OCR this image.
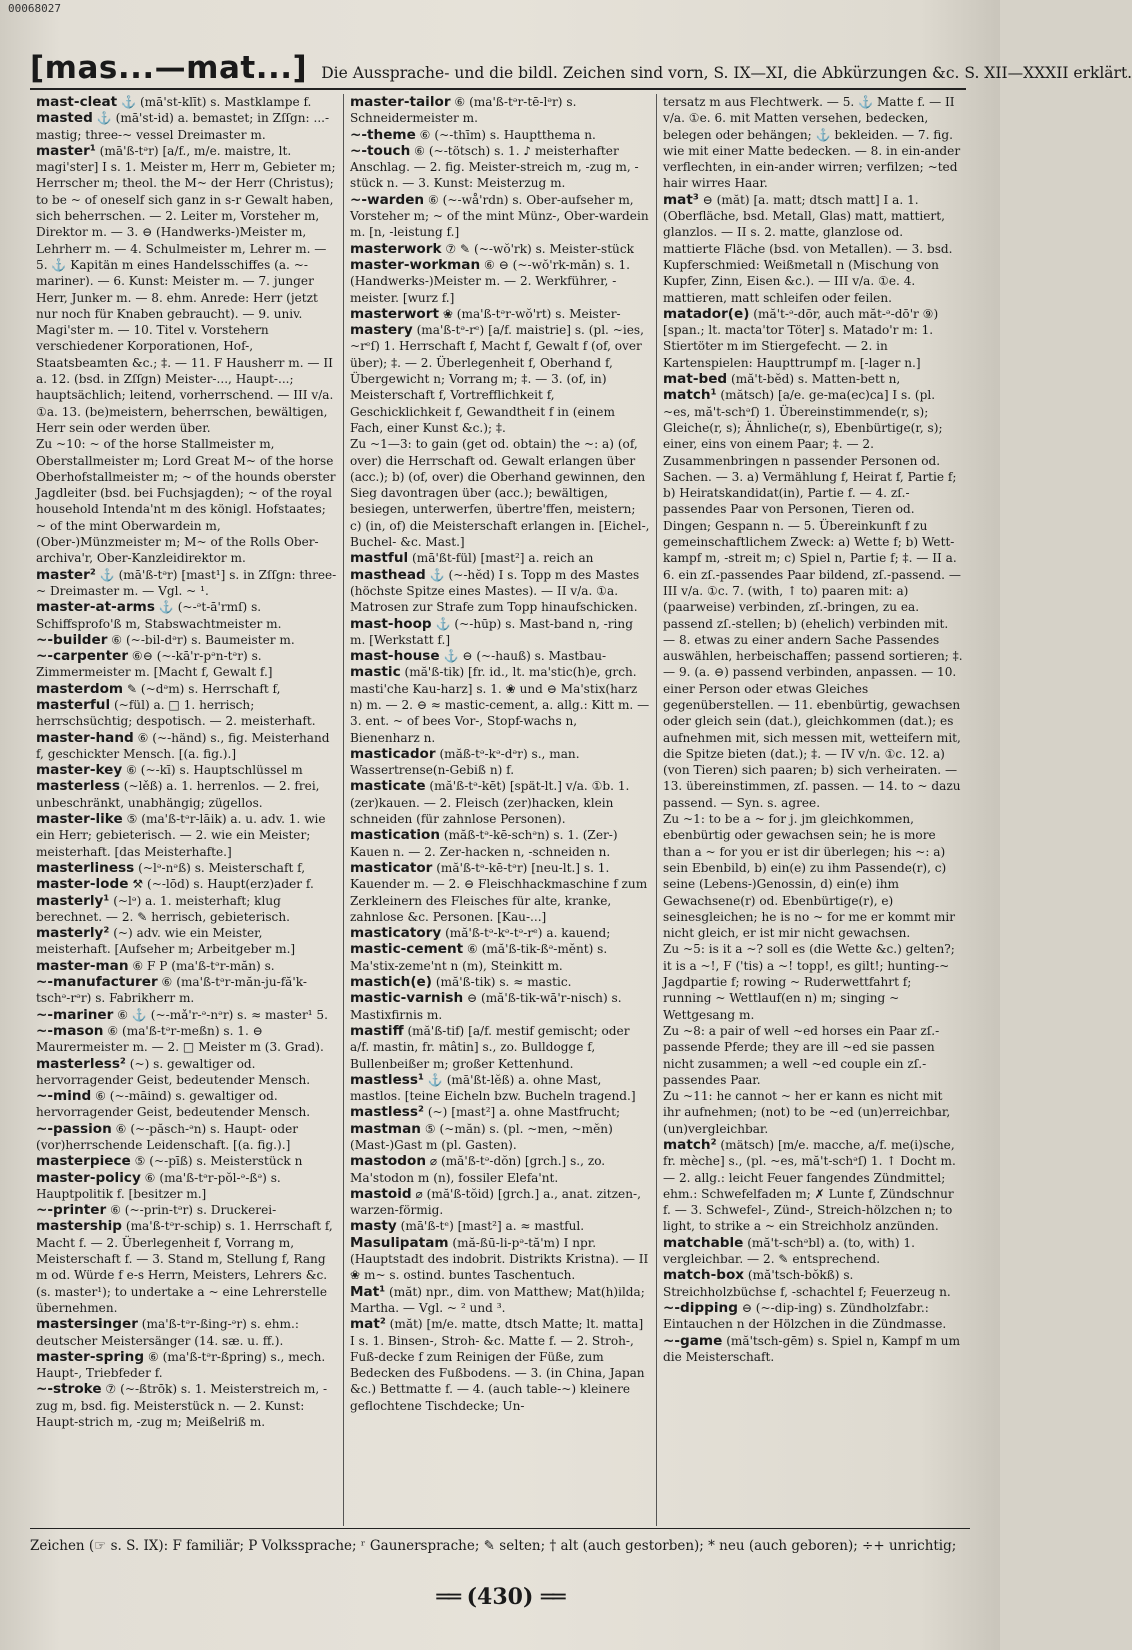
00068027
[mas...—mat...] Die Aussprache- und die bildl. Zeichen sind vorn, S. IX—XI, die Abkürzungen &c. S. XII—XXXII erklärt.

mast-cleat ⚓ (mā'st-klīt) s. Mastklampe f.

masted ⚓ (mā'st-id) a. bemastet; in Zſſgn: ...-mastig; three-~ vessel Dreimaster m.

master¹ (mā'ß-tᵊr) [a/f., m/e. maistre, lt. magi'ster] I s. 1. Meister m, Herr m, Gebieter m; Herrscher m; theol. the M~ der Herr (Christus); to be ~ of oneself sich ganz in s-r Gewalt haben, sich beherrschen. — 2. Leiter m, Vorsteher m, Direktor m. — 3. ⊖ (Handwerks-)Meister m, Lehrherr m. — 4. Schulmeister m, Lehrer m. — 5. ⚓ Kapitän m eines Handelsschiffes (a. ~-mariner). — 6. Kunst: Meister m. — 7. junger Herr, Junker m. — 8. ehm. Anrede: Herr (jetzt nur noch für Knaben gebraucht). — 9. univ. Magi'ster m. — 10. Titel v. Vorstehern verschiedener Korporationen, Hof-, Staatsbeamten &c.; ‡. — 11. F Hausherr m. — II a. 12. (bsd. in Zſſgn) Meister-..., Haupt-...; hauptsächlich; leitend, vorherrschend. — III v/a. ①a. 13. (be)meistern, beherrschen, bewältigen, Herr sein oder werden über.

Zu ~10: ~ of the horse Stallmeister m, Oberstallmeister m; Lord Great M~ of the horse Oberhofstallmeister m; ~ of the hounds oberster Jagdleiter (bsd. bei Fuchsjagden); ~ of the royal household Intenda'nt m des königl. Hofstaates; ~ of the mint Oberwardein m, (Ober-)Münzmeister m; M~ of the Rolls Ober-archiva'r, Ober-Kanzleidirektor m.

master² ⚓ (mā'ß-tᵊr) [mast¹] s. in Zſſgn: three-~ Dreimaster m. — Vgl. ~ ¹.

master-at-arms ⚓ (~-ᵊt-ā'rmſ) s. Schiffsprofo'ß m, Stabswachtmeister m.

~-builder ⑥ (~-bil-dᵊr) s. Baumeister m.

~-carpenter ⑥⊖ (~-kā'r-pᵊn-tᵊr) s. Zimmermeister m. [Macht f, Gewalt f.]

masterdom ✎ (~dᵊm) s. Herrschaft f,

masterful (~fül) a. □ 1. herrisch; herrschsüchtig; despotisch. — 2. meisterhaft.

master-hand ⑥ (~-händ) s., fig. Meisterhand f, geschickter Mensch. [(a. fig.).]

master-key ⑥ (~-kī) s. Hauptschlüssel m

masterless (~lěß) a. 1. herrenlos. — 2. frei, unbeschränkt, unabhängig; zügellos.

master-like ⑤ (ma'ß-tᵊr-lāik) a. u. adv. 1. wie ein Herr; gebieterisch. — 2. wie ein Meister; meisterhaft. [das Meisterhafte.]

masterliness (~lᵊ-nᵊß) s. Meisterschaft f,

master-lode ⚒ (~-lōd) s. Haupt(erz)ader f.

masterly¹ (~lᵊ) a. 1. meisterhaft; klug berechnet. — 2. ✎ herrisch, gebieterisch.

masterly² (~) adv. wie ein Meister, meisterhaft. [Aufseher m; Arbeitgeber m.]

master-man ⑥ F P (ma'ß-tᵊr-măn) s.

~-manufacturer ⑥ (ma'ß-tᵊr-măn-ju-fă'k-tschᵊ-rᵊr) s. Fabrikherr m.

~-mariner ⑥ ⚓ (~-mǎ'r-ᵊ-nᵊr) s. ≈ master¹ 5.

~-mason ⑥ (ma'ß-tᵊr-meßn) s. 1. ⊖ Maurermeister m. — 2. □ Meister m (3. Grad).

masterless² (~) s. gewaltiger od. hervorragender Geist, bedeutender Mensch.

~-mind ⑥ (~-māind) s. gewaltiger od. hervorragender Geist, bedeutender Mensch.

~-passion ⑥ (~-păsch-ᵊn) s. Haupt- oder (vor)herrschende Leidenschaft. [(a. fig.).]

masterpiece ⑤ (~-pīß) s. Meisterstück n

master-policy ⑥ (ma'ß-tᵊr-pŏl-ᵊ-ßᵊ) s. Hauptpolitik f. [besitzer m.]

~-printer ⑥ (~-prin-tᵊr) s. Druckerei-

mastership (ma'ß-tᵊr-schip) s. 1. Herrschaft f, Macht f. — 2. Überlegenheit f, Vorrang m, Meisterschaft f. — 3. Stand m, Stellung f, Rang m od. Würde f e-s Herrn, Meisters, Lehrers &c. (s. master¹); to undertake a ~ eine Lehrerstelle übernehmen.

mastersinger (ma'ß-tᵊr-ßing-ᵊr) s. ehm.: deutscher Meistersänger (14. sæ. u. ff.).

master-spring ⑥ (ma'ß-tᵊr-ßpring) s., mech. Haupt-, Triebfeder f.

~-stroke ⑦ (~-ßtrōk) s. 1. Meisterstreich m, -zug m, bsd. fig. Meisterstück n. — 2. Kunst: Haupt-strich m, -zug m; Meißelriß m.

master-tailor ⑥ (ma'ß-tᵊr-tē-lᵊr) s. Schneidermeister m.

~-theme ⑥ (~-thīm) s. Hauptthema n.

~-touch ⑥ (~-tötsch) s. 1. ♪ meisterhafter Anschlag. — 2. fig. Meister-streich m, -zug m, -stück n. — 3. Kunst: Meisterzug m.

~-warden ⑥ (~-wå'rdn) s. Ober-aufseher m, Vorsteher m; ~ of the mint Münz-, Ober-wardein m. [n, -leistung f.]

masterwork ⑦ ✎ (~-wŏ'rk) s. Meister-stück

master-workman ⑥ ⊖ (~-wŏ'rk-măn) s. 1. (Handwerks-)Meister m. — 2. Werkführer, -meister. [wurz f.]

masterwort ❀ (ma'ß-tᵊr-wŏ'rt) s. Meister-

mastery (ma'ß-tᵊ-rᵉ) [a/f. maistrie] s. (pl. ~ies, ~rᵉſ) 1. Herrschaft f, Macht f, Gewalt f (of, over über); ‡. — 2. Überlegenheit f, Oberhand f, Übergewicht n; Vorrang m; ‡. — 3. (of, in) Meisterschaft f, Vortrefflichkeit f, Geschicklichkeit f, Gewandtheit f in (einem Fach, einer Kunst &c.); ‡.

Zu ~1—3: to gain (get od. obtain) the ~: a) (of, over) die Herrschaft od. Gewalt erlangen über (acc.); b) (of, over) die Oberhand gewinnen, den Sieg davontragen über (acc.); bewältigen, besiegen, unterwerfen, übertre'ffen, meistern; c) (in, of) die Meisterschaft erlangen in. [Eichel-, Buchel- &c. Mast.]

mastful (mā'ßt-fül) [mast²] a. reich an

masthead ⚓ (~-hĕd) I s. Topp m des Mastes (höchste Spitze eines Mastes). — II v/a. ①a. Matrosen zur Strafe zum Topp hinaufschicken.

mast-hoop ⚓ (~-hūp) s. Mast-band n, -ring m. [Werkstatt f.]

mast-house ⚓ ⊖ (~-hauß) s. Mastbau-

mastic (mă'ß-tik) [fr. id., lt. ma'stic(h)e, grch. masti'che Kau-harz] s. 1. ❀ und ⊖ Ma'stix(harz n) m. — 2. ⊖ ≈ mastic-cement, a. allg.: Kitt m. — 3. ent. ~ of bees Vor-, Stopf-wachs n, Bienenharz n.

masticador (măß-tᵊ-kᵊ-dᵊr) s., man. Wassertrense(n-Gebiß n) f.

masticate (mă'ß-tᵊ-kēt) [spät-lt.] v/a. ①b. 1. (zer)kauen. — 2. Fleisch (zer)hacken, klein schneiden (für zahnlose Personen).

mastication (măß-tᵊ-kē-schᵊn) s. 1. (Zer-) Kauen n. — 2. Zer-hacken n, -schneiden n.

masticator (mă'ß-tᵊ-kē-tᵊr) [neu-lt.] s. 1. Kauender m. — 2. ⊖ Fleischhackmaschine f zum Zerkleinern des Fleisches für alte, kranke, zahnlose &c. Personen. [Kau-...]

masticatory (mă'ß-tᵊ-kᵊ-tᵊ-rᵉ) a. kauend;

mastic-cement ⑥ (mă'ß-tik-ßᵊ-mĕnt) s. Ma'stix-zeme'nt n (m), Steinkitt m.

mastich(e) (mă'ß-tik) s. ≈ mastic.

mastic-varnish ⊖ (mă'ß-tik-wā'r-nisch) s. Mastixfirnis m.

mastiff (mă'ß-tif) [a/f. mestif gemischt; oder a/f. mastin, fr. mâtin] s., zo. Bulldogge f, Bullenbeißer m; großer Kettenhund.

mastless¹ ⚓ (mā'ßt-lĕß) a. ohne Mast, mastlos. [teine Eicheln bzw. Bucheln tragend.]

mastless² (~) [mast²] a. ohne Mastfrucht;

mastman ⑤ (~măn) s. (pl. ~men, ~mĕn) (Mast-)Gast m (pl. Gasten).

mastodon ⌀ (mă'ß-tᵊ-dŏn) [grch.] s., zo. Ma'stodon m (n), fossiler Elefa'nt.

mastoid ⌀ (mă'ß-tŏid) [grch.] a., anat. zitzen-, warzen-förmig.

masty (mā'ß-tᵉ) [mast²] a. ≈ mastful.

Masulipatam (mă-ßū-li-pᵊ-tă'm) I npr. (Hauptstadt des indobrit. Distrikts Kristna). — II ❀ m~ s. ostind. buntes Taschentuch.

Mat¹ (măt) npr., dim. von Matthew; Mat(h)ilda; Martha. — Vgl. ~ ² und ³.

mat² (măt) [m/e. matte, dtsch Matte; lt. matta] I s. 1. Binsen-, Stroh- &c. Matte f. — 2. Stroh-, Fuß-decke f zum Reinigen der Füße, zum Bedecken des Fußbodens. — 3. (in China, Japan &c.) Bettmatte f. — 4. (auch table-~) kleinere geflochtene Tischdecke; Un-

tersatz m aus Flechtwerk. — 5. ⚓ Matte f. — II v/a. ①e. 6. mit Matten versehen, bedecken, belegen oder behängen; ⚓ bekleiden. — 7. fig. wie mit einer Matte bedecken. — 8. in ein-ander verflechten, in ein-ander wirren; verfilzen; ~ted hair wirres Haar.

mat³ ⊖ (măt) [a. matt; dtsch matt] I a. 1. (Oberfläche, bsd. Metall, Glas) matt, mattiert, glanzlos. — II s. 2. matte, glanzlose od. mattierte Fläche (bsd. von Metallen). — 3. bsd. Kupferschmied: Weißmetall n (Mischung von Kupfer, Zinn, Eisen &c.). — III v/a. ①e. 4. mattieren, matt schleifen oder feilen.

matador(e) (mă't-ᵊ-dōr, auch măt-ᵊ-dō'r ⑨) [span.; lt. macta'tor Töter] s. Matado'r m: 1. Stiertöter m im Stiergefecht. — 2. in Kartenspielen: Haupttrumpf m. [-lager n.]

mat-bed (mă't-bĕd) s. Matten-bett n,

match¹ (mătsch) [a/e. ge-ma(ec)ca] I s. (pl. ~es, mă't-schᵊſ) 1. Übereinstimmende(r, s); Gleiche(r, s); Ähnliche(r, s), Ebenbürtige(r, s); einer, eins von einem Paar; ‡. — 2. Zusammenbringen n passender Personen od. Sachen. — 3. a) Vermählung f, Heirat f, Partie f; b) Heiratskandidat(in), Partie f. — 4. zſ.-passendes Paar von Personen, Tieren od. Dingen; Gespann n. — 5. Übereinkunft f zu gemeinschaftlichem Zweck: a) Wette f; b) Wett-kampf m, -streit m; c) Spiel n, Partie f; ‡. — II a. 6. ein zſ.-passendes Paar bildend, zſ.-passend. — III v/a. ①c. 7. (with, ↑ to) paaren mit: a) (paarweise) verbinden, zſ.-bringen, zu ea. passend zſ.-stellen; b) (ehelich) verbinden mit. — 8. etwas zu einer andern Sache Passendes auswählen, herbeischaffen; passend sortieren; ‡. — 9. (a. ⊖) passend verbinden, anpassen. — 10. einer Person oder etwas Gleiches gegenüberstellen. — 11. ebenbürtig, gewachsen oder gleich sein (dat.), gleichkommen (dat.); es aufnehmen mit, sich messen mit, wetteifern mit, die Spitze bieten (dat.); ‡. — IV v/n. ①c. 12. a) (von Tieren) sich paaren; b) sich verheiraten. — 13. übereinstimmen, zſ. passen. — 14. to ~ dazu passend. — Syn. s. agree.

Zu ~1: to be a ~ for j. jm gleichkommen, ebenbürtig oder gewachsen sein; he is more than a ~ for you er ist dir überlegen; his ~: a) sein Ebenbild, b) ein(e) zu ihm Passende(r), c) seine (Lebens-)Genossin, d) ein(e) ihm Gewachsene(r) od. Ebenbürtige(r), e) seinesgleichen; he is no ~ for me er kommt mir nicht gleich, er ist mir nicht gewachsen.

Zu ~5: is it a ~? soll es (die Wette &c.) gelten?; it is a ~!, F ('tis) a ~! topp!, es gilt!; hunting-~ Jagdpartie f; rowing ~ Ruderwettfahrt f; running ~ Wettlauf(en n) m; singing ~ Wettgesang m.

Zu ~8: a pair of well ~ed horses ein Paar zſ.-passende Pferde; they are ill ~ed sie passen nicht zusammen; a well ~ed couple ein zſ.-passendes Paar.

Zu ~11: he cannot ~ her er kann es nicht mit ihr aufnehmen; (not) to be ~ed (un)erreichbar, (un)vergleichbar.

match² (mätsch) [m/e. macche, a/f. me(i)sche, fr. mèche] s., (pl. ~es, mă't-schᵊſ) 1. ↑ Docht m. — 2. allg.: leicht Feuer fangendes Zündmittel; ehm.: Schwefelfaden m; ✗ Lunte f, Zündschnur f. — 3. Schwefel-, Zünd-, Streich-hölzchen n; to light, to strike a ~ ein Streichholz anzünden.

matchable (mă't-schᵊbl) a. (to, with) 1. vergleichbar. — 2. ✎ entsprechend.

match-box (mă'tsch-bŏkß) s. Streichholzbüchse f, -schachtel f; Feuerzeug n.

~-dipping ⊖ (~-dip-ing) s. Zündholzfabr.: Eintauchen n der Hölzchen in die Zündmasse.

~-game (mă'tsch-gēm) s. Spiel n, Kampf m um die Meisterschaft.

Zeichen (☞ s. S. IX): F familiär; P Volkssprache; ʳ Gaunersprache; ✎ selten; † alt (auch gestorben); * neu (auch geboren); ÷+ unrichtig;
══ (430) ══
